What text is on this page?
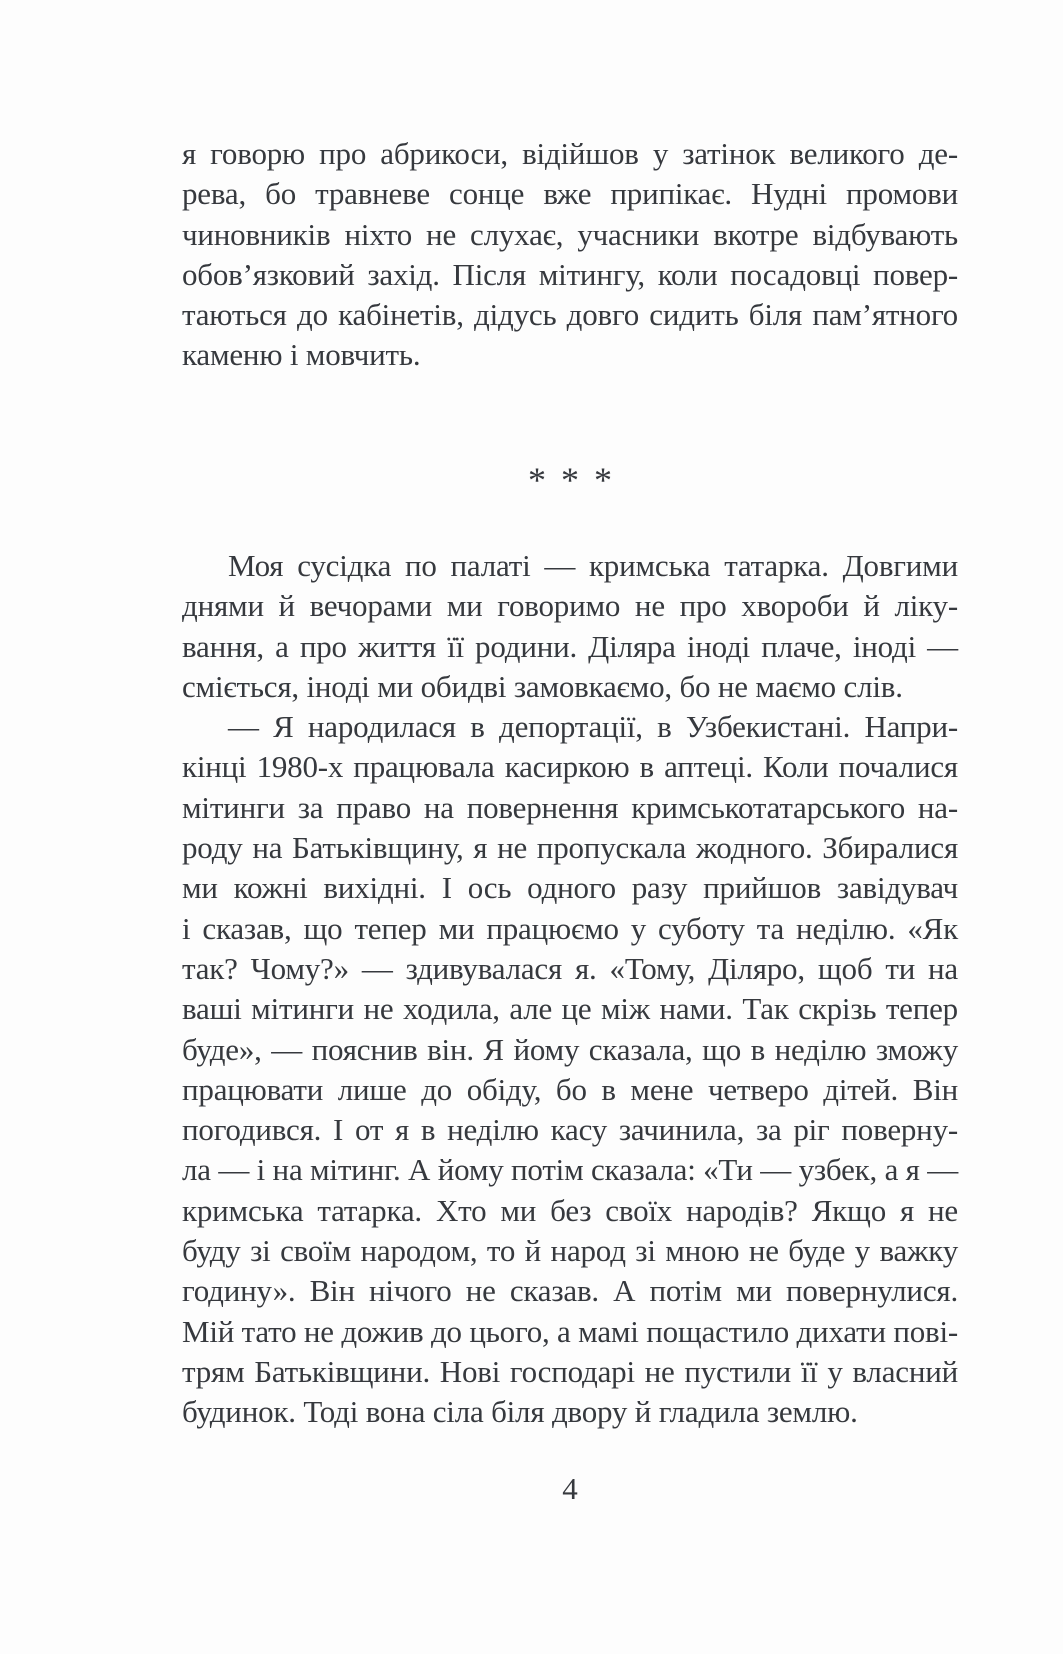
я говорю про абрикоси, відійшов у затінок великого де-
рева, бо травневе сонце вже припікає. Нудні промови
чиновників ніхто не слухає, учасники вкотре відбувають
обов’язковий захід. Після мітингу, коли посадовці повер-
таються до кабінетів, дідусь довго сидить біля пам’ятного
каменю і мовчить.
* * *
Моя сусідка по палаті — кримська татарка. Довгими
днями й вечорами ми говоримо не про хвороби й ліку-
вання, а про життя її родини. Діляра іноді плаче, іноді —
сміється, іноді ми обидві замовкаємо, бо не маємо слів.
— Я народилася в депортації, в Узбекистані. Напри-
кінці 1980-х працювала касиркою в аптеці. Коли почалися
мітинги за право на повернення кримськотатарського на-
роду на Батьківщину, я не пропускала жодного. Збиралися
ми кожні вихідні. І ось одного разу прийшов завідувач
і сказав, що тепер ми працюємо у суботу та неділю. «Як
так? Чому?» — здивувалася я. «Тому, Діляро, щоб ти на
ваші мітинги не ходила, але це між нами. Так скрізь тепер
буде», — пояснив він. Я йому сказала, що в неділю зможу
працювати лише до обіду, бо в мене четверо дітей. Він
погодився. І от я в неділю касу зачинила, за ріг поверну-
ла — і на мітинг. А йому потім сказала: «Ти — узбек, а я —
кримська татарка. Хто ми без своїх народів? Якщо я не
буду зі своїм народом, то й народ зі мною не буде у важку
годину». Він нічого не сказав. А потім ми повернулися.
Мій тато не дожив до цього, а мамі пощастило дихати пові-
трям Батьківщини. Нові господарі не пустили її у власний
будинок. Тоді вона сіла біля двору й гладила землю.
4
